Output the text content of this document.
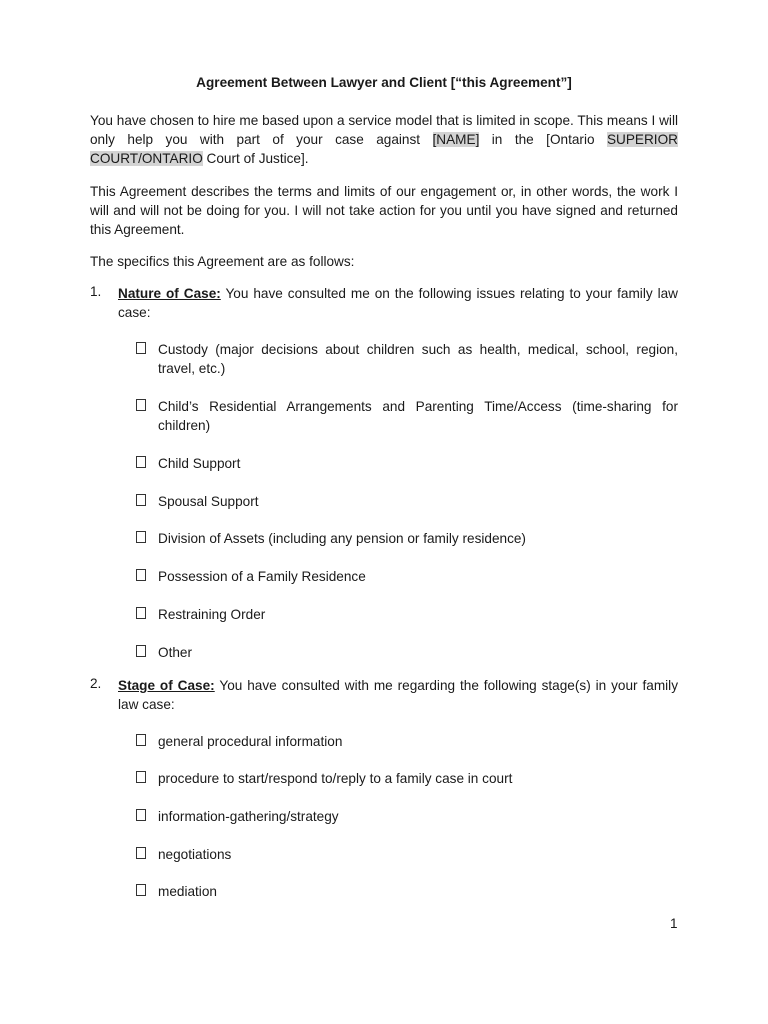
Agreement Between Lawyer and Client [“this Agreement”]

You have chosen to hire me based upon a service model that is limited in scope. This means I will only help you with part of your case against [NAME] in the [Ontario SUPERIOR COURT/ONTARIO Court of Justice].

This Agreement describes the terms and limits of our engagement or, in other words, the work I will and will not be doing for you. I will not take action for you until you have signed and returned this Agreement.

The specifics this Agreement are as follows:

1. Nature of Case: You have consulted me on the following issues relating to your family law case:
Custody (major decisions about children such as health, medical, school, region, travel, etc.)
Child’s Residential Arrangements and Parenting Time/Access (time-sharing for children)
Child Support
Spousal Support
Division of Assets (including any pension or family residence)
Possession of a Family Residence
Restraining Order
Other
2. Stage of Case: You have consulted with me regarding the following stage(s) in your family law case:
general procedural information
procedure to start/respond to/reply to a family case in court
information-gathering/strategy
negotiations
mediation
1
